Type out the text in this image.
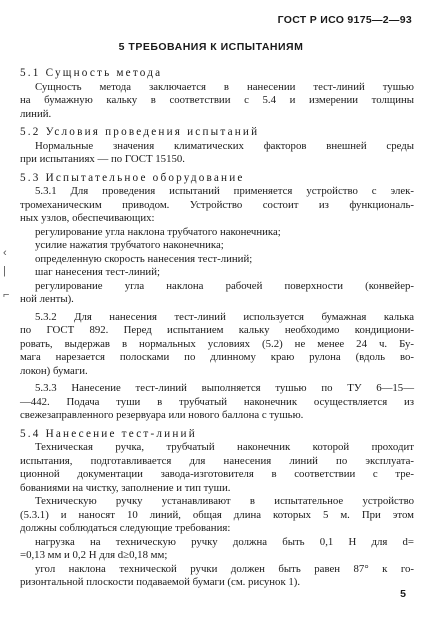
ГОСТ Р ИСО 9175—2—93
5 ТРЕБОВАНИЯ К ИСПЫТАНИЯМ
‹
|
⌐
5.1 Сущность метода
Сущность метода заключается в нанесении тест-линий тушью
на бумажную кальку в соответствии с 5.4 и измерении толщины
линий.
5.2 Условия проведения испытаний
Нормальные значения климатических факторов внешней среды
при испытаниях — по ГОСТ 15150.
5.3 Испытательное оборудование
5.3.1 Для проведения испытаний применяется устройство с элек-
тромеханическим приводом. Устройство состоит из функциональ-
ных узлов, обеспечивающих:
регулирование угла наклона трубчатого наконечника;
усилие нажатия трубчатого наконечника;
определенную скорость нанесения тест-линий;
шаг нанесения тест-линий;
регулирование угла наклона рабочей поверхности (конвейер-
ной ленты).
5.3.2 Для нанесения тест-линий используется бумажная калька
по ГОСТ 892. Перед испытанием кальку необходимо кондициони-
ровать, выдержав в нормальных условиях (5.2) не менее 24 ч. Бу-
мага нарезается полосками по длинному краю рулона (вдоль во-
локон) бумаги.
5.3.3 Нанесение тест-линий выполняется тушью по ТУ 6—15—
—442. Подача туши в трубчатый наконечник осуществляется из
свежезаправленного резервуара или нового баллона с тушью.
5.4 Нанесение тест-линий
Техническая ручка, трубчатый наконечник которой проходит
испытания, подготавливается для нанесения линий по эксплуата-
ционной документации завода-изготовителя в соответствии с тре-
бованиями на чистку, заполнение и тип туши.
Техническую ручку устанавливают в испытательное устройство
(5.3.1) и наносят 10 линий, общая длина которых 5 м. При этом
должны соблюдаться следующие требования:
нагрузка на техническую ручку должна быть 0,1 Н для d=
=0,13 мм и 0,2 Н для d≥0,18 мм;
угол наклона технической ручки должен быть равен 87° к го-
ризонтальной плоскости подаваемой бумаги (см. рисунок 1).
5
